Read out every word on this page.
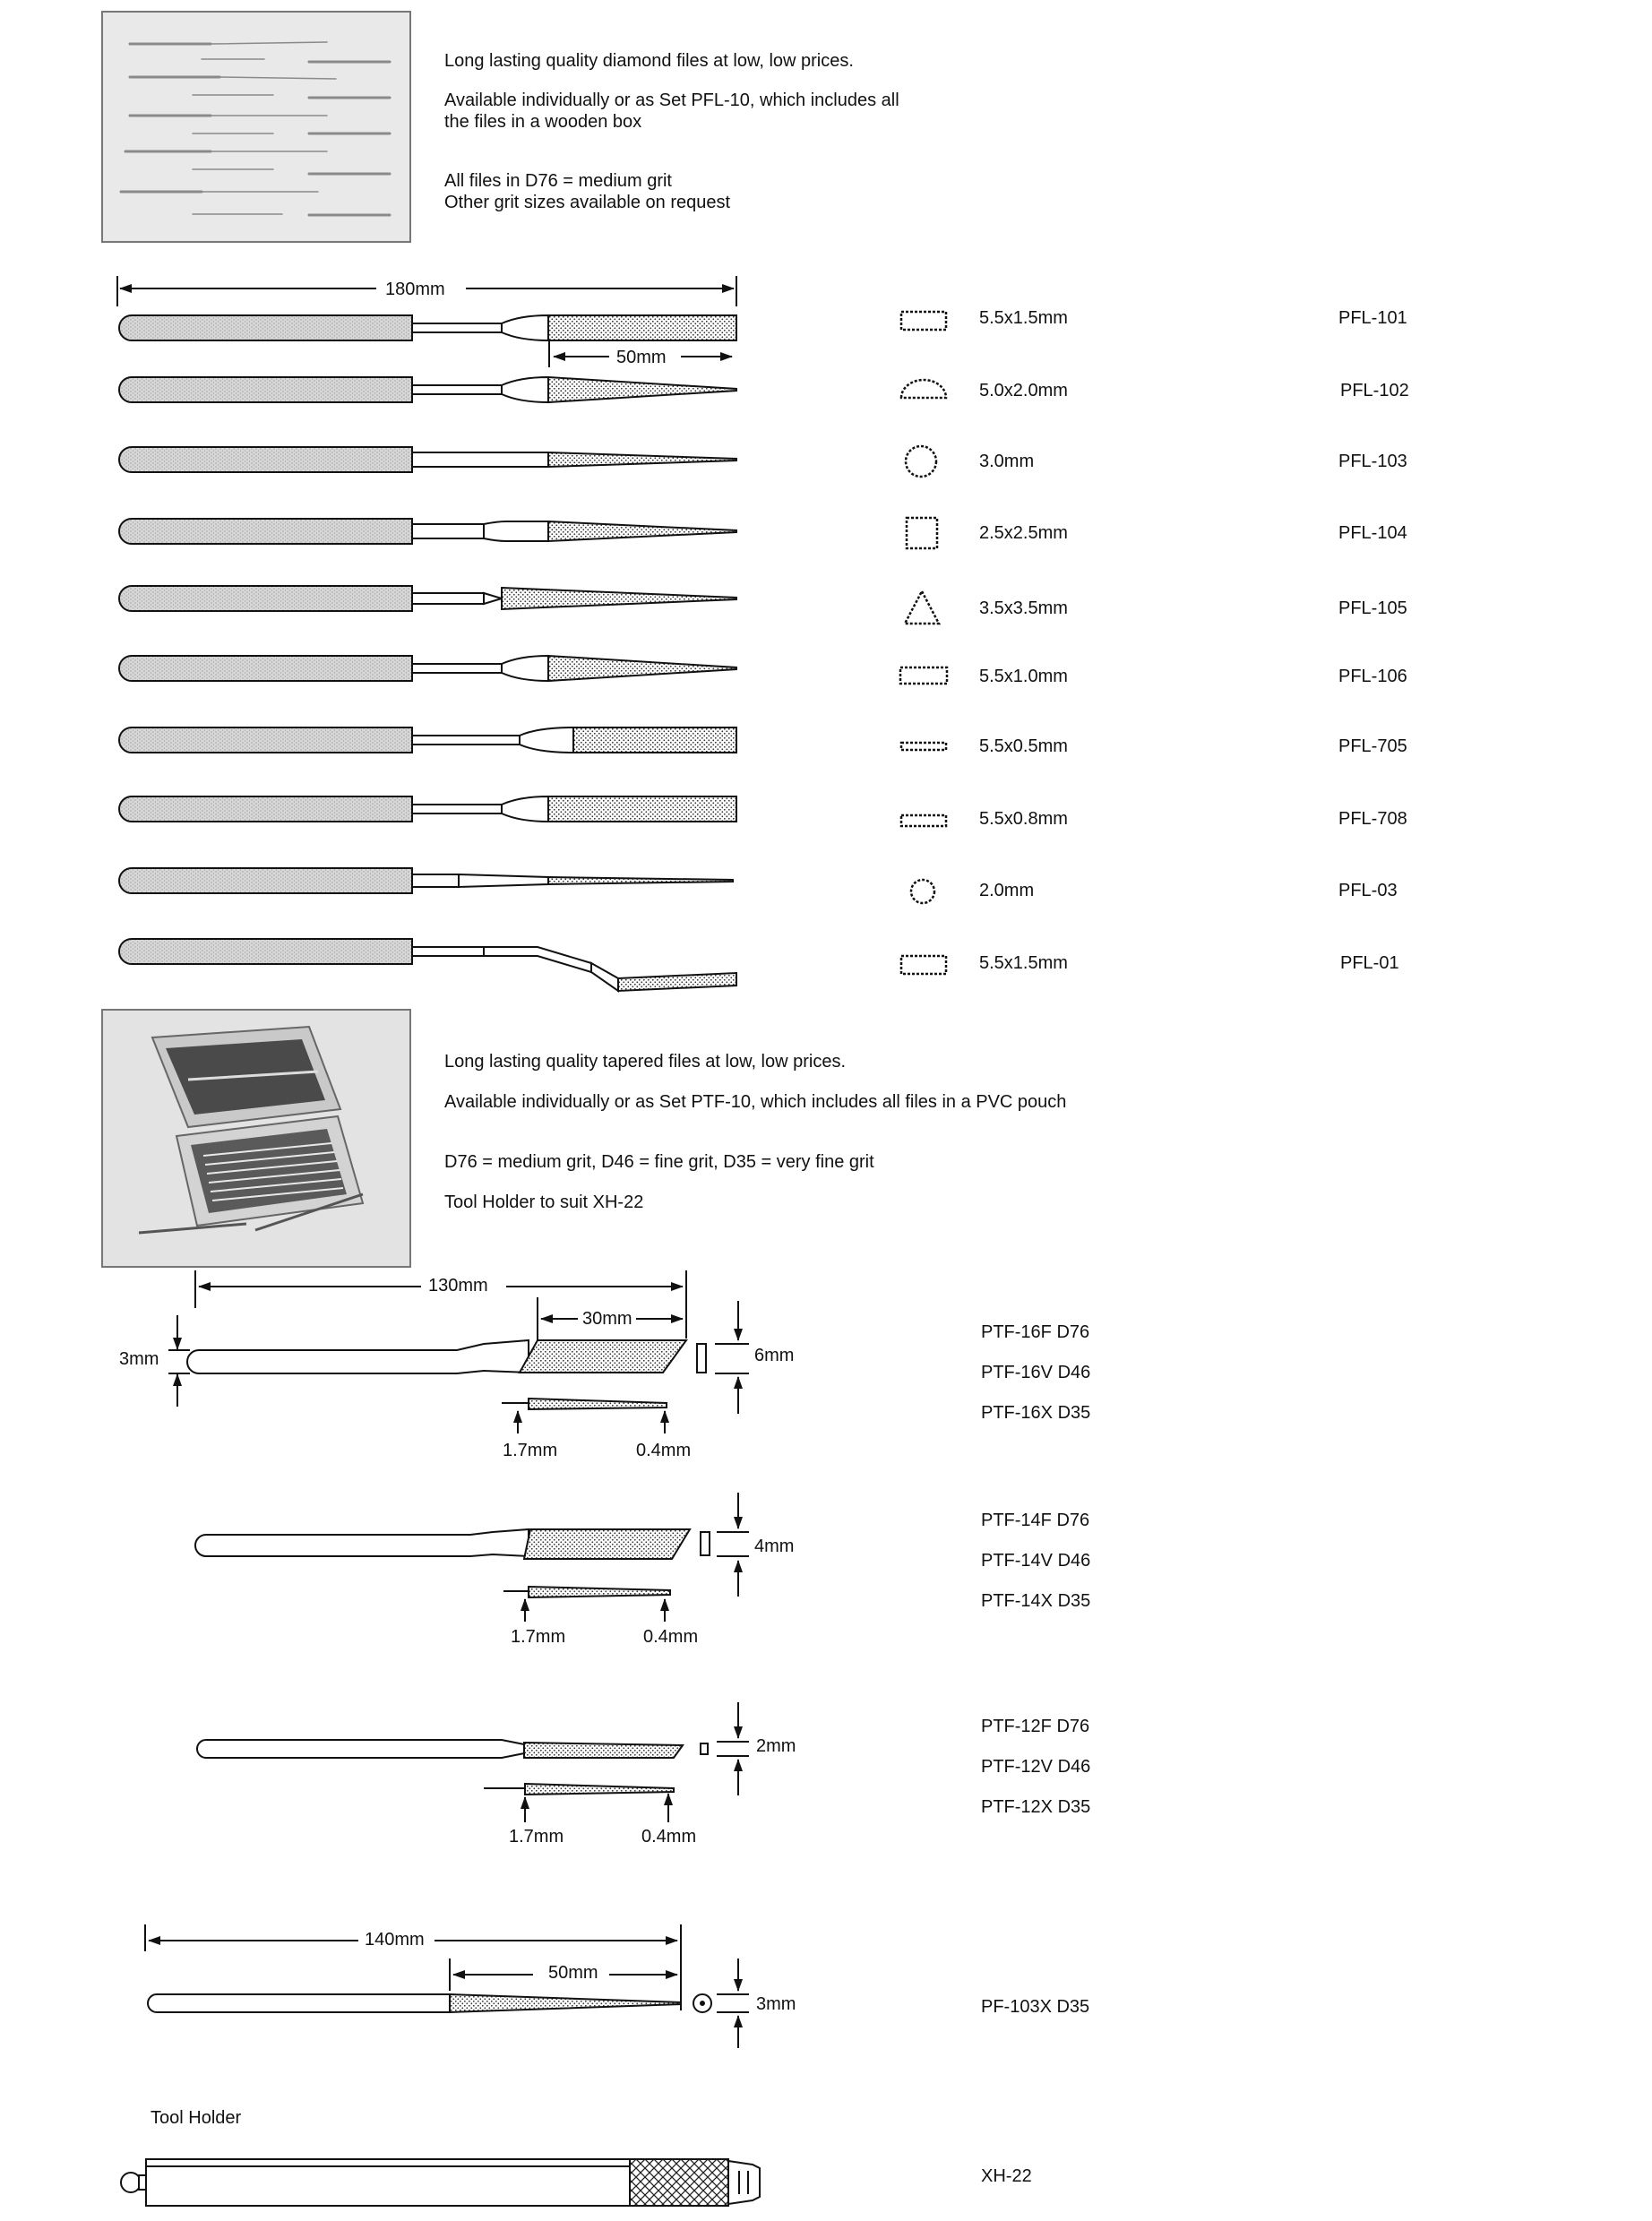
Long lasting quality diamond files at low, low prices.
Available individually or as Set PFL-10, which includes all
the files in a wooden box
All files in D76 = medium grit
Other grit sizes available on request
180mm
50mm
5.5x1.5mm	PFL-101
5.0x2.0mm	PFL-102
3.0mm	PFL-103
2.5x2.5mm	PFL-104
3.5x3.5mm	PFL-105
5.5x1.0mm	PFL-106
5.5x0.5mm	PFL-705
5.5x0.8mm	PFL-708
2.0mm	PFL-03
5.5x1.5mm	PFL-01
Long lasting quality tapered files at low, low prices.
Available individually or as Set PTF-10, which includes all files in a PVC pouch
D76 = medium grit, D46 = fine grit, D35 = very fine grit
Tool Holder to suit XH-22
130mm
30mm
3mm	6mm
1.7mm	0.4mm
PTF-16F D76
PTF-16V D46
PTF-16X D35
4mm
1.7mm	0.4mm
PTF-14F D76
PTF-14V D46
PTF-14X D35
2mm
1.7mm	0.4mm
PTF-12F D76
PTF-12V D46
PTF-12X D35
140mm
50mm
3mm	PF-103X D35
Tool Holder
XH-22
